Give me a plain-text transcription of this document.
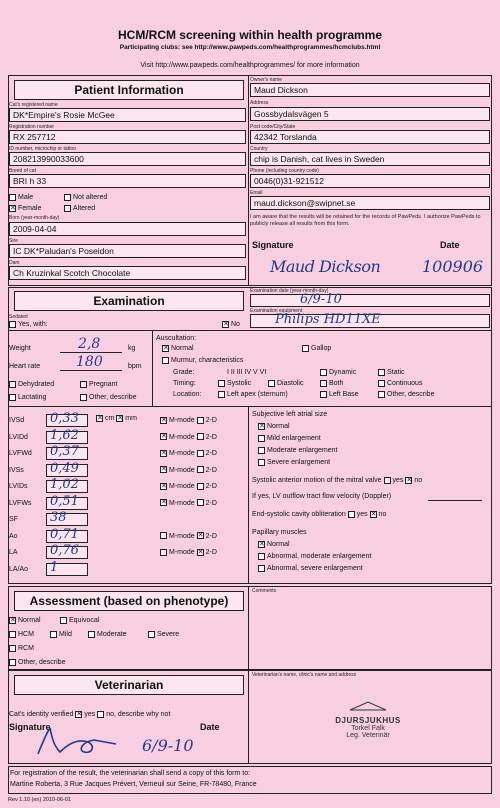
HCM/RCM screening within health programme
Participating clubs: see http://www.pawpeds.com/healthprogrammes/hcmclubs.html
Visit http://www.pawpeds.com/healthprogrammes/ for more information
Patient Information
Cat's registered name
DK*Empire's Rosie McGee
Registration number
RX 257712
ID number, microchip or tattoo
208213990033600
Breed of cat
BRI h 33
Male	Not altered
✕Female	Altered
Born (year-month-day)
2009-04-04
Sire
IC DK*Paludan's Poseidon
Dam
Ch Kruzinkal Scotch Chocolate
Owner's name
Maud Dickson
Address
Gossbydalsvägen 5
Post code/City/State
42342 Torslanda
Country
chip is Danish, cat lives in Sweden
Phone (including country code)
0046(0)31-921512
Email
maud.dickson@swipnet.se
I am aware that the results will be retained for the records of PawPeds. I authorize PawPeds to publicly release all results from this form.
Signature	Date
Maud Dickson	100906
Examination
Examination date (year-month-day)
6/9-10
Examination equipment
Philips HD11XE
Sedated
Yes, with: ✕	No
Weight	2,8	kg
Heart rate	180	bpm
Dehydrated	Pregnant
Lactating	Other, describe
Auscultation:
✕Normal	Gallop
Murmur, characteristics
Grade:	I II III IV V VI	Dynamic	Static
Timing:	Systolic	Diastolic	Both	Continuous
Location:	Left apex (sternum)	Left Base	Other, describe
IVSd 0,33 ✕	M-mode 2-D
LVIDd 1,62 ✕	M-mode 2-D
LVFWd 0,37 ✕	M-mode 2-D
IVSs 0,49 ✕	M-mode 2-D
LVIDs 1,02 ✕	M-mode 2-D
LVFWs 0,51 ✕	M-mode 2-D
SF 38
Ao 0,71	M-mode ✕ 2-D
LA 0,76	M-mode ✕ 2-D
LA/Ao 1
✕cm ✕ mm
Subjective left atrial size
✕Normal
Mild enlargement
Moderate enlargement
Severe enlargement
Systolic anterior motion of the mitral valve yes ✕ no
If yes, LV outflow tract flow velocity (Doppler)
End-systolic cavity obliteration yes ✕ no
Papillary muscles
✕Normal
Abnormal, moderate enlargement
Abnormal, severe enlargement
Assessment (based on phenotype)
✕Normal	Equivocal
HCM	Mild	Moderate	Severe
RCM
Other, describe
Comments
Veterinarian
Cat's identity verified ✕ yes no, describe why not
Signature	Date
6/9-10
Veterinarian's name, clinic's name and address
DJURSJUKHUS
Torkel Falk
Leg. Veterinär
For registration of the result, the veterinarian shall send a copy of this form to:
Martine Roberta, 3 Rue Jacques Prévert, Verneuil sur Seine, FR-78480, France
Rev 1.10 (en) 2010-06-01
